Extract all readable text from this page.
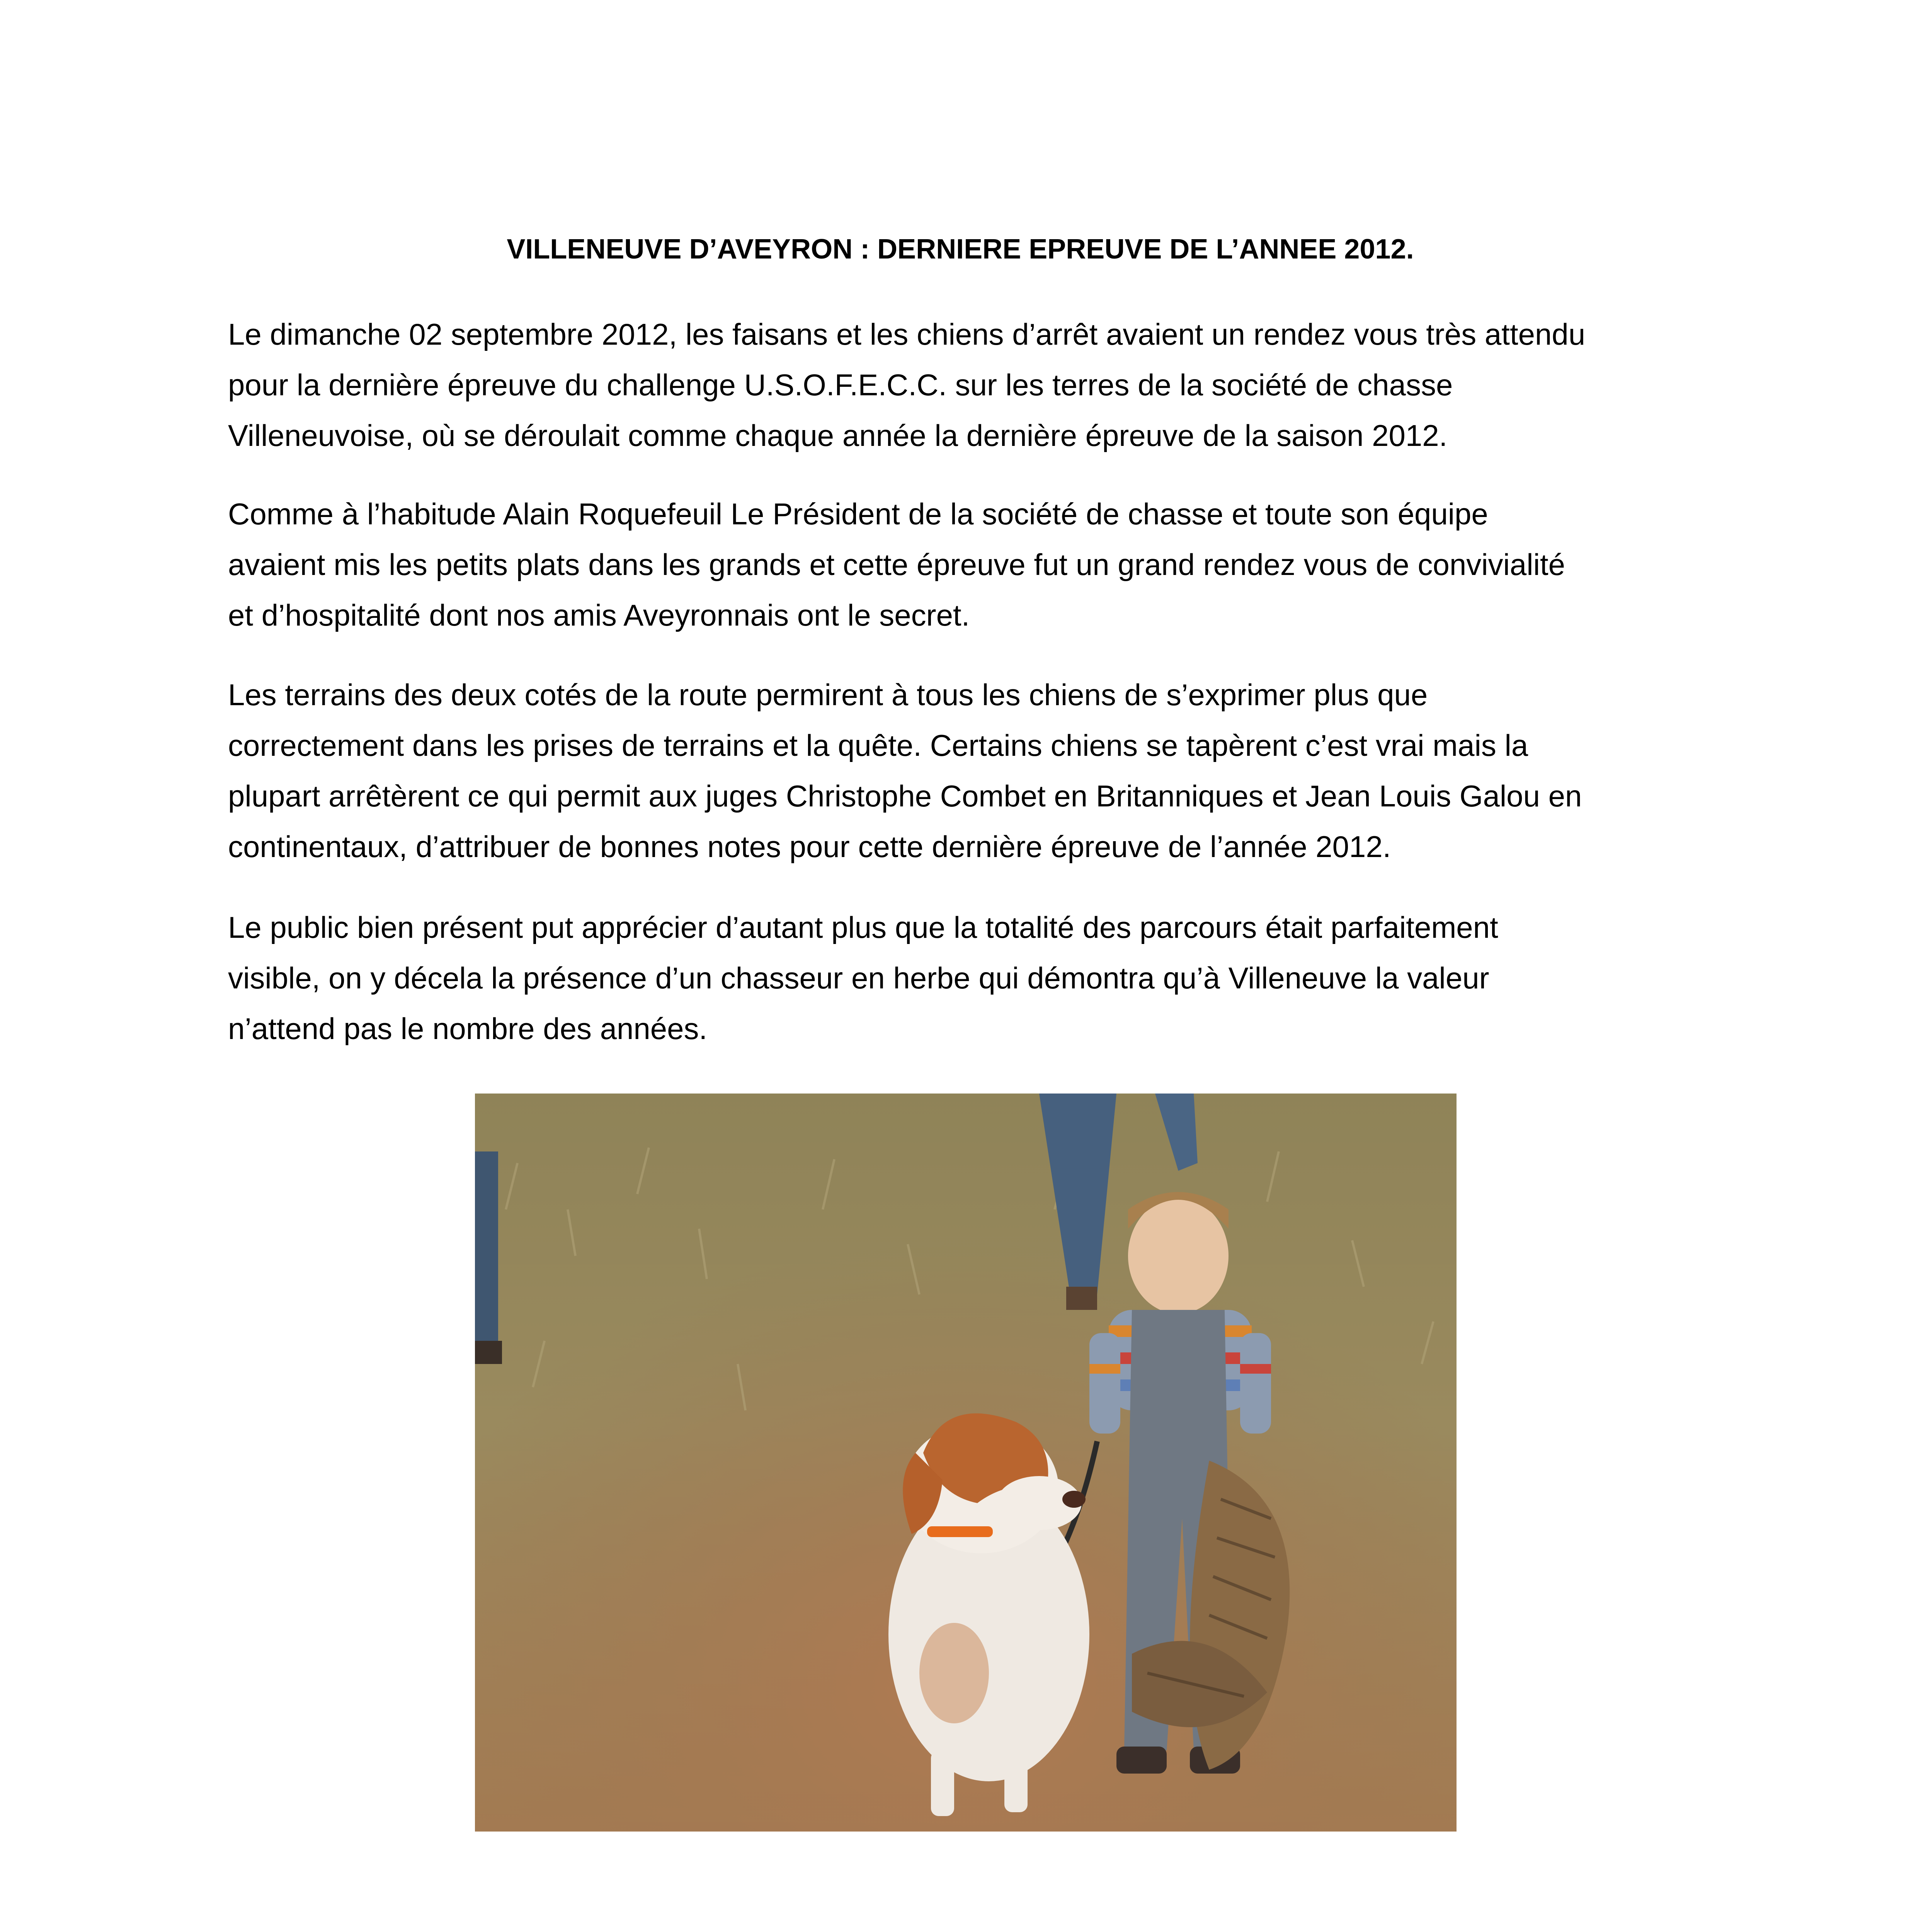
VILLENEUVE D’AVEYRON : DERNIERE EPREUVE DE L’ANNEE 2012.

Le dimanche 02 septembre 2012, les faisans et les chiens d’arrêt avaient un rendez vous très attendu
pour la dernière épreuve du challenge U.S.O.F.E.C.C. sur les terres de la société de chasse
Villeneuvoise, où se déroulait comme chaque année la dernière épreuve de la saison 2012.

Comme à l’habitude Alain Roquefeuil Le Président de la société de chasse et toute son équipe
avaient mis les petits plats dans les grands et cette épreuve fut un grand rendez vous de convivialité
et d’hospitalité dont nos amis Aveyronnais ont le secret.

Les terrains des deux cotés de la route permirent à tous les chiens de s’exprimer plus que
correctement dans les prises de terrains et la quête. Certains chiens se tapèrent c’est vrai mais la
plupart arrêtèrent ce qui permit aux juges Christophe Combet en Britanniques et Jean Louis Galou en
continentaux, d’attribuer de bonnes notes pour cette dernière épreuve de l’année 2012.

Le public bien présent put apprécier d’autant plus que la totalité des parcours était parfaitement
visible, on y décela la présence d’un chasseur en herbe qui démontra qu’à Villeneuve la valeur
n’attend pas le nombre des années.
